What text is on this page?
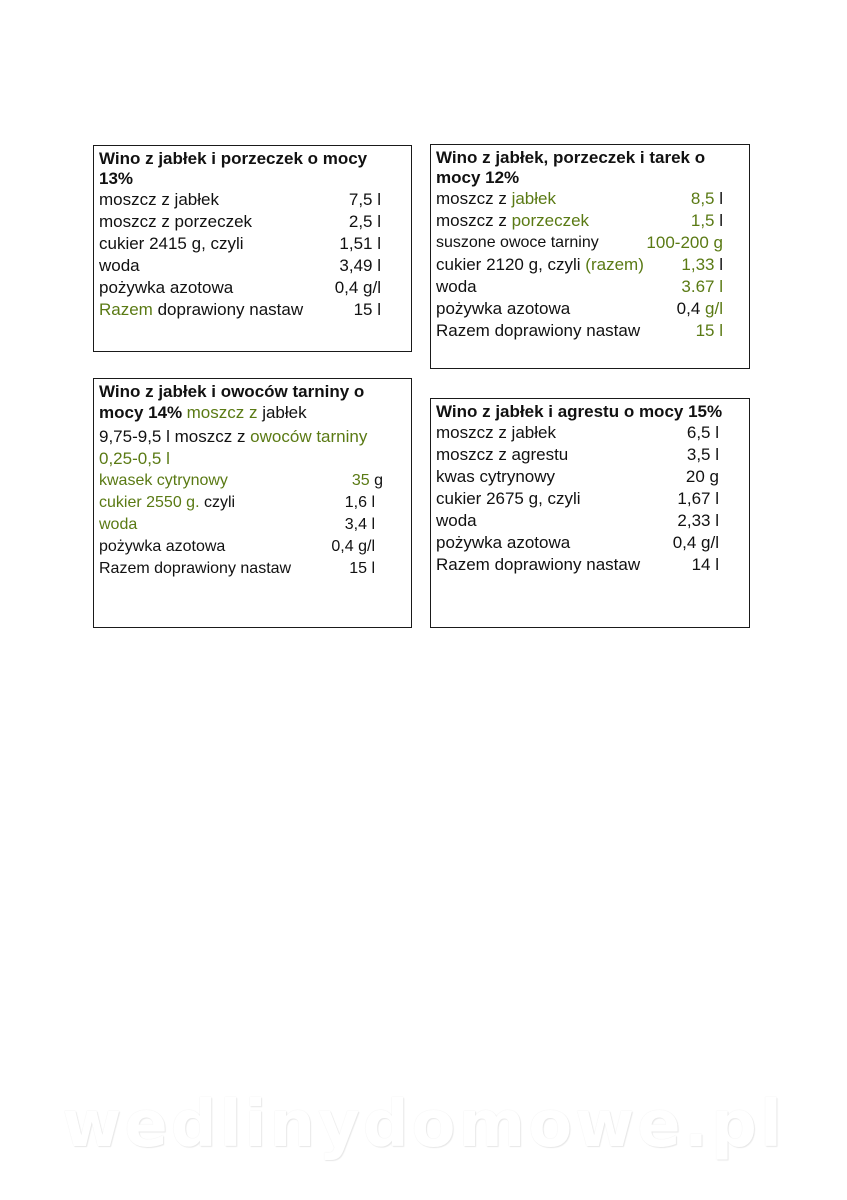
Wino z jabłek i porzeczek o mocy 13%
moszcz z jabłek	7,5 l
moszcz z porzeczek	2,5 l
cukier 2415 g, czyli	1,51 l
woda	3,49 l
pożywka azotowa	0,4 g/l
Razem doprawiony nastaw	15 l
Wino z jabłek, porzeczek i tarek o mocy 12%
moszcz z jabłek	8,5 l
moszcz z porzeczek	1,5 l
suszone owoce tarniny	100-200 g
cukier 2120 g, czyli (razem) 1,33 l
woda	3.67 l
pożywka azotowa	0,4 g/l
Razem doprawiony nastaw	15 l
Wino z jabłek i owoców tarniny o mocy 14% moszcz z jabłek
9,75-9,5 l moszcz z owoców tarniny
0,25-0,5 l
kwasek cytrynowy	35 g
cukier 2550 g. czyli	1,6 l
woda	3,4 l
pożywka azotowa	0,4 g/l
Razem doprawiony nastaw	15 l
Wino z jabłek i agrestu o mocy 15%
moszcz z jabłek	6,5 l
moszcz z agrestu	3,5 l
kwas cytrynowy	20 g
cukier 2675 g, czyli	1,67 l
woda	2,33 l
pożywka azotowa	0,4 g/l
Razem doprawiony nastaw	14 l
wedlinydomowe.pl
